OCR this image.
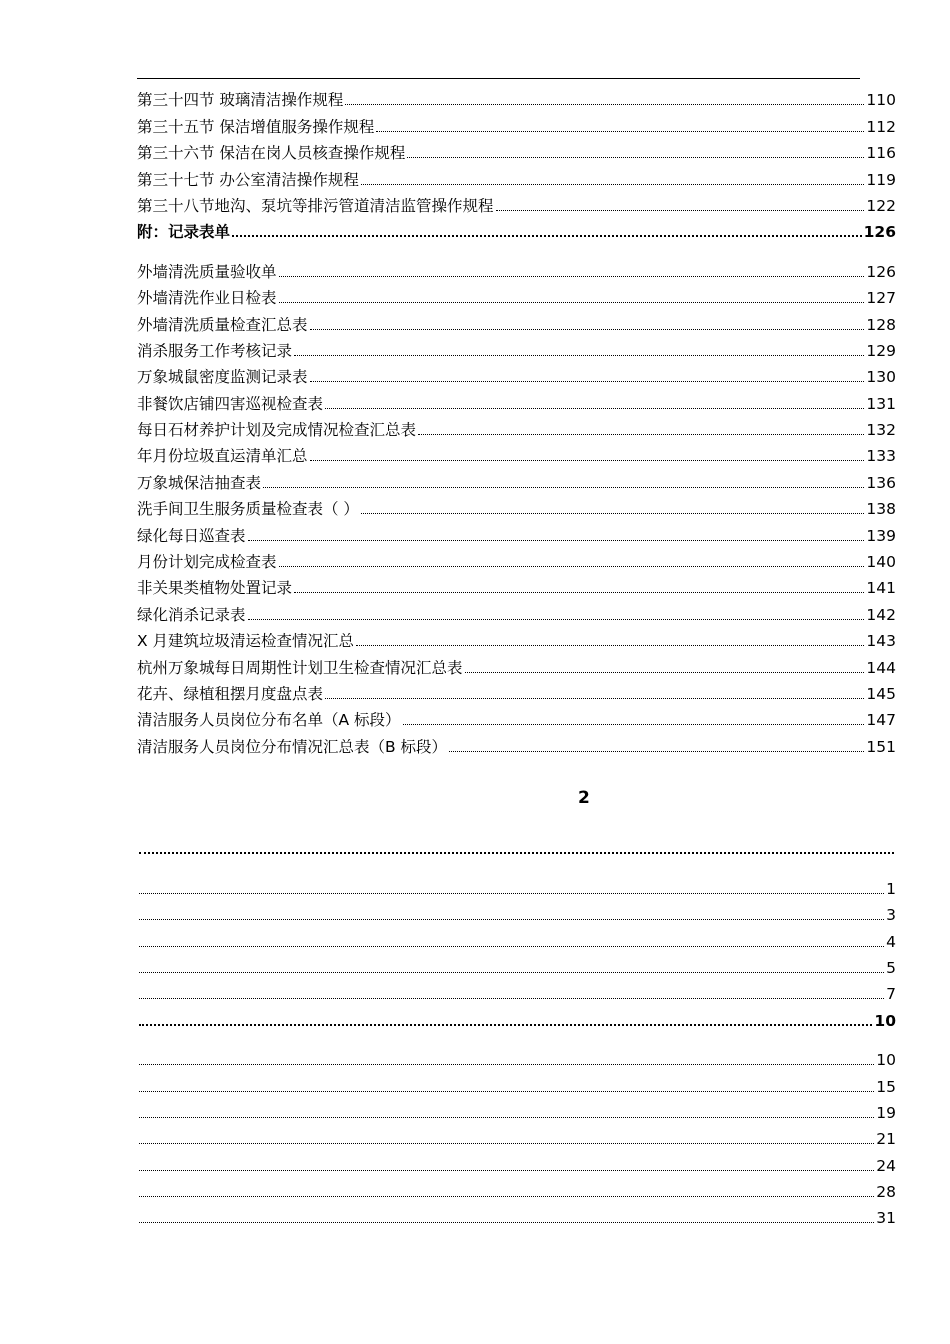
第三十四节 玻璃清洁操作规程	110
第三十五节 保洁增值服务操作规程	112
第三十六节 保洁在岗人员核查操作规程	116
第三十七节 办公室清洁操作规程	119
第三十八节地沟、泵坑等排污管道清洁监管操作规程	122
附：记录表单	126
外墙清洗质量验收单	126
外墙清洗作业日检表	127
外墙清洗质量检查汇总表	128
消杀服务工作考核记录	129
万象城鼠密度监测记录表	130
非餐饮店铺四害巡视检查表	131
每日石材养护计划及完成情况检查汇总表	132
年月份垃圾直运清单汇总	133
万象城保洁抽查表	136
洗手间卫生服务质量检查表（ ）	138
绿化每日巡查表	139
月份计划完成检查表	140
非关果类植物处置记录	141
绿化消杀记录表	142
X 月建筑垃圾清运检查情况汇总	143
杭州万象城每日周期性计划卫生检查情况汇总表	144
花卉、绿植租摆月度盘点表	145
清洁服务人员岗位分布名单（A 标段）	147
清洁服务人员岗位分布情况汇总表（B 标段）	151
2
1
3
4
5
7
10
10
15
19
21
24
28
31
